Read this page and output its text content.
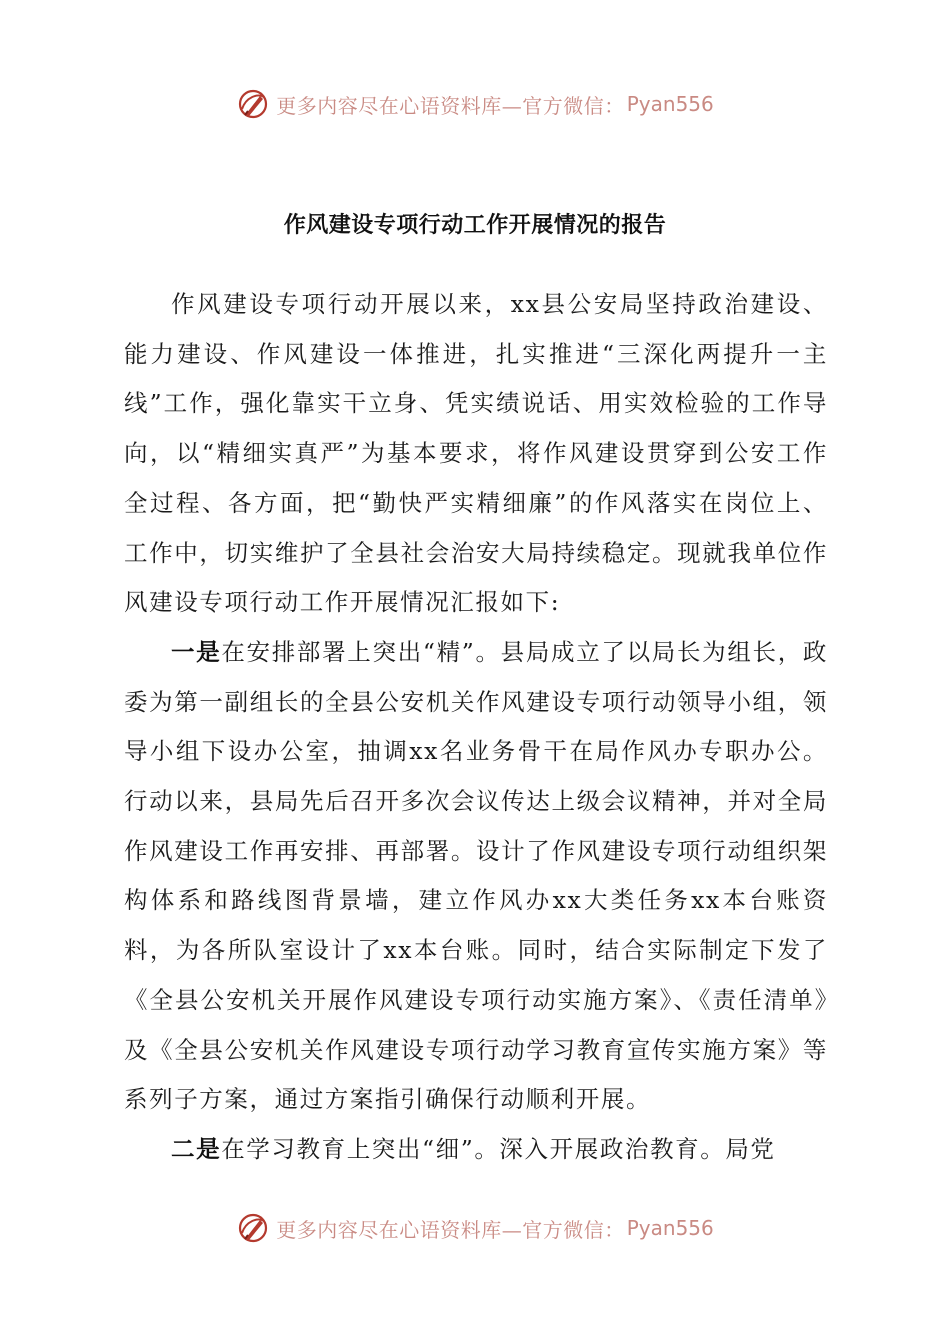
更多内容尽在心语资料库—官方微信： Pyan556
作风建设专项行动工作开展情况的报告

作风建设专项行动开展以来，xx县公安局坚持政治建设、能力建设、作风建设一体推进，扎实推进“三深化两提升一主线”工作，强化靠实干立身、凭实绩说话、用实效检验的工作导向，以“精细实真严”为基本要求，将作风建设贯穿到公安工作全过程、各方面，把“勤快严实精细廉”的作风落实在岗位上、工作中，切实维护了全县社会治安大局持续稳定。现就我单位作风建设专项行动工作开展情况汇报如下:

一是在安排部署上突出“精”。县局成立了以局长为组长，政委为第一副组长的全县公安机关作风建设专项行动领导小组，领导小组下设办公室，抽调xx名业务骨干在局作风办专职办公。行动以来，县局先后召开多次会议传达上级会议精神，并对全局作风建设工作再安排、再部署。设计了作风建设专项行动组织架构体系和路线图背景墙，建立作风办xx大类任务xx本台账资料，为各所队室设计了xx本台账。同时，结合实际制定下发了《全县公安机关开展作风建设专项行动实施方案》、《责任清单》及《全县公安机关作风建设专项行动学习教育宣传实施方案》等系列子方案，通过方案指引确保行动顺利开展。

二是在学习教育上突出“细”。深入开展政治教育。局党

更多内容尽在心语资料库—官方微信： Pyan556
